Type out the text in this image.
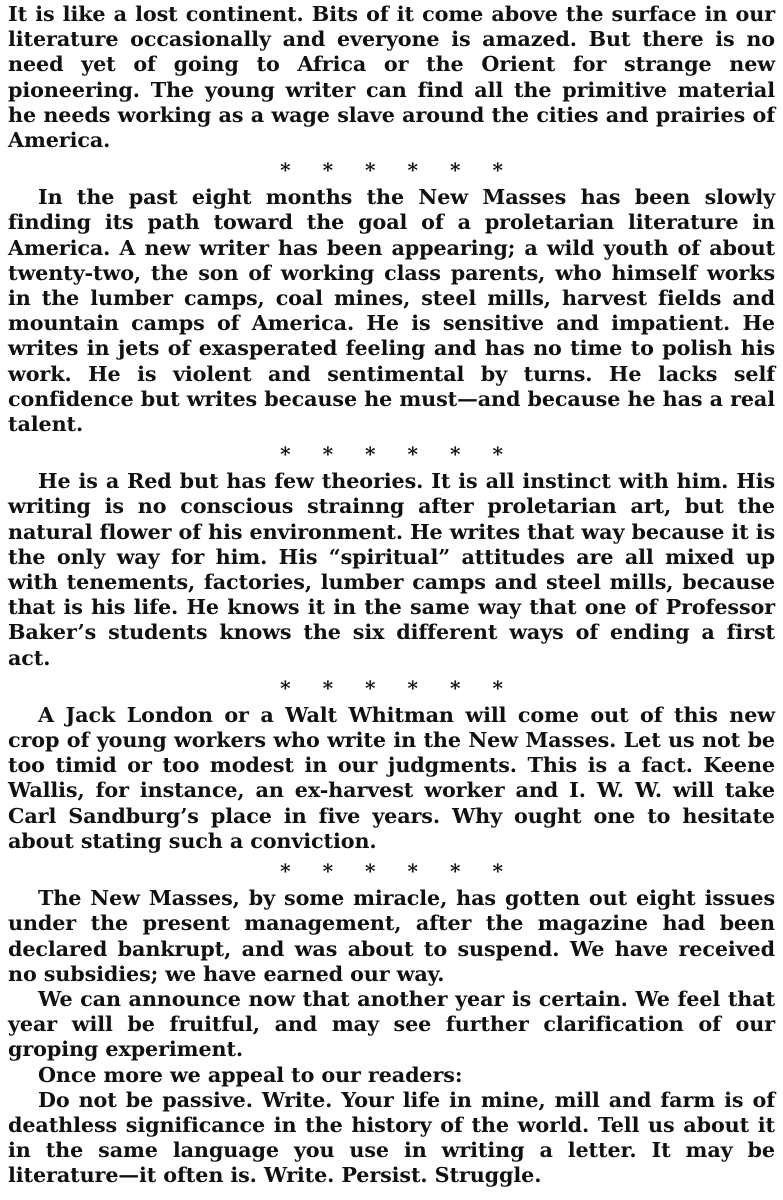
It is like a lost continent. Bits of it come above the surface in our literature occasionally and everyone is amazed. But there is no need yet of going to Africa or the Orient for strange new pioneering. The young writer can find all the primitive material he needs working as a wage slave around the cities and prairies of America.

* * * * * *

In the past eight months the New Masses has been slowly finding its path toward the goal of a proletarian literature in America. A new writer has been appearing; a wild youth of about twenty-two, the son of working class parents, who himself works in the lumber camps, coal mines, steel mills, harvest fields and mountain camps of America. He is sensitive and impatient. He writes in jets of exasperated feeling and has no time to polish his work. He is violent and sentimental by turns. He lacks self confidence but writes because he must—and because he has a real talent.

* * * * * *

He is a Red but has few theories. It is all instinct with him. His writing is no conscious strainng after proletarian art, but the natural flower of his environment. He writes that way because it is the only way for him. His “spiritual” attitudes are all mixed up with tenements, factories, lumber camps and steel mills, because that is his life. He knows it in the same way that one of Professor Baker’s students knows the six different ways of ending a first act.

* * * * * *

A Jack London or a Walt Whitman will come out of this new crop of young workers who write in the New Masses. Let us not be too timid or too modest in our judgments. This is a fact. Keene Wallis, for instance, an ex-harvest worker and I. W. W. will take Carl Sandburg’s place in five years. Why ought one to hesitate about stating such a conviction.

* * * * * *

The New Masses, by some miracle, has gotten out eight issues under the present management, after the magazine had been declared bankrupt, and was about to suspend. We have received no subsidies; we have earned our way.

We can announce now that another year is certain. We feel that year will be fruitful, and may see further clarification of our groping experiment.

Once more we appeal to our readers:

Do not be passive. Write. Your life in mine, mill and farm is of deathless significance in the history of the world. Tell us about it in the same language you use in writing a letter. It may be literature—it often is. Write. Persist. Struggle.
